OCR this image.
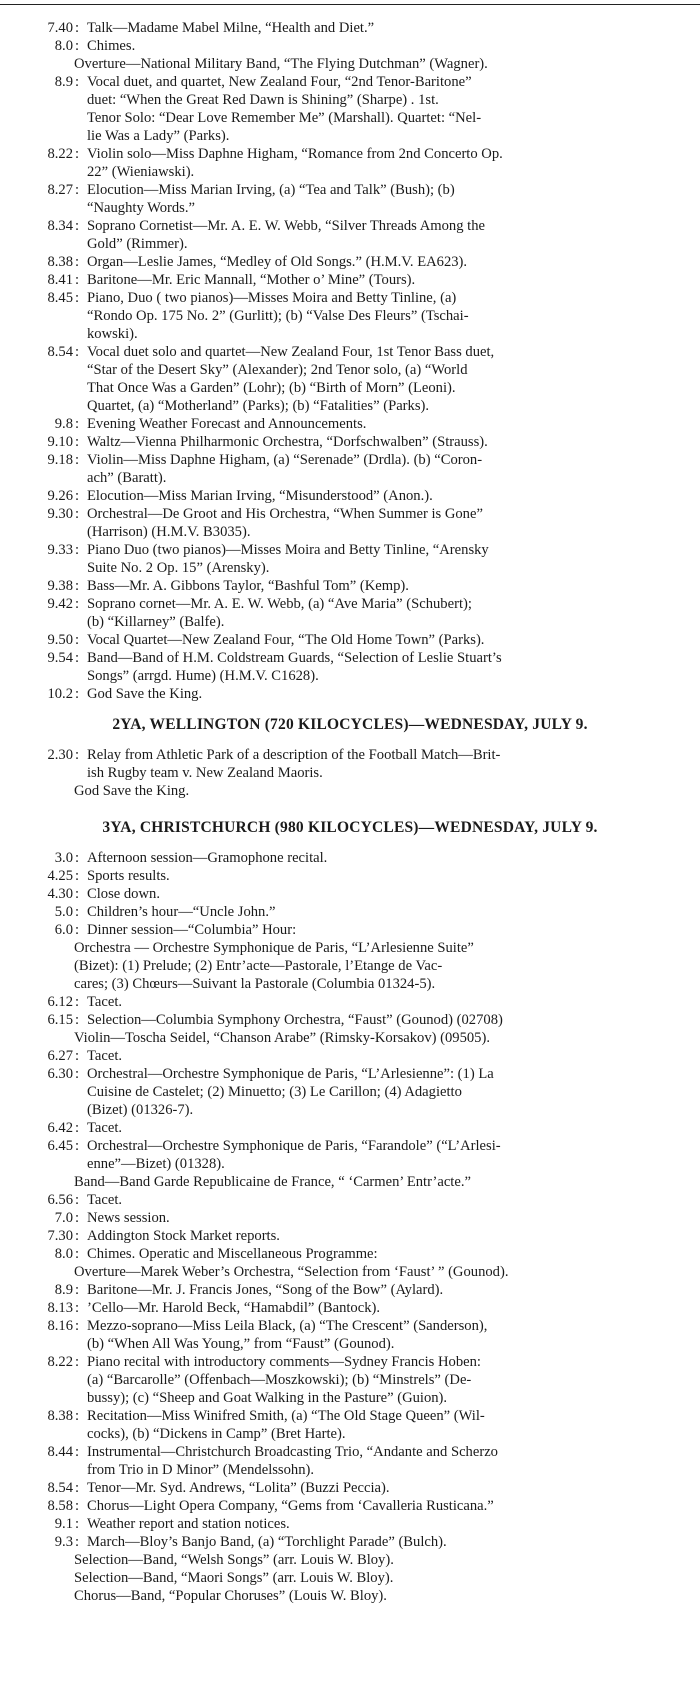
7.40 : Talk—Madame Mabel Milne, “Health and Diet.”
8.0 : Chimes.
Overture—National Military Band, “The Flying Dutchman” (Wagner).
8.9 : Vocal duet, and quartet, New Zealand Four, “2nd Tenor-Baritone”
duet: “When the Great Red Dawn is Shining” (Sharpe) . 1st.
Tenor Solo: “Dear Love Remember Me” (Marshall). Quartet: “Nel-
lie Was a Lady” (Parks).
8.22 : Violin solo—Miss Daphne Higham, “Romance from 2nd Concerto Op.
22” (Wieniawski).
8.27 : Elocution—Miss Marian Irving, (a) “Tea and Talk” (Bush); (b)
“Naughty Words.”
8.34 : Soprano Cornetist—Mr. A. E. W. Webb, “Silver Threads Among the
Gold” (Rimmer).
8.38 : Organ—Leslie James, “Medley of Old Songs.” (H.M.V. EA623).
8.41 : Baritone—Mr. Eric Mannall, “Mother o’ Mine” (Tours).
8.45 : Piano, Duo ( two pianos)—Misses Moira and Betty Tinline, (a)
“Rondo Op. 175 No. 2” (Gurlitt); (b) “Valse Des Fleurs” (Tschai-
kowski).
8.54 : Vocal duet solo and quartet—New Zealand Four, 1st Tenor Bass duet,
“Star of the Desert Sky” (Alexander); 2nd Tenor solo, (a) “World
That Once Was a Garden” (Lohr); (b) “Birth of Morn” (Leoni).
Quartet, (a) “Motherland” (Parks); (b) “Fatalities” (Parks).
9.8 : Evening Weather Forecast and Announcements.
9.10 : Waltz—Vienna Philharmonic Orchestra, “Dorfschwalben” (Strauss).
9.18 : Violin—Miss Daphne Higham, (a) “Serenade” (Drdla). (b) “Coron-
ach” (Baratt).
9.26 : Elocution—Miss Marian Irving, “Misunderstood” (Anon.).
9.30 : Orchestral—De Groot and His Orchestra, “When Summer is Gone”
(Harrison) (H.M.V. B3035).
9.33 : Piano Duo (two pianos)—Misses Moira and Betty Tinline, “Arensky
Suite No. 2 Op. 15” (Arensky).
9.38 : Bass—Mr. A. Gibbons Taylor, “Bashful Tom” (Kemp).
9.42 : Soprano cornet—Mr. A. E. W. Webb, (a) “Ave Maria” (Schubert);
(b) “Killarney” (Balfe).
9.50 : Vocal Quartet—New Zealand Four, “The Old Home Town” (Parks).
9.54 : Band—Band of H.M. Coldstream Guards, “Selection of Leslie Stuart’s
Songs” (arrgd. Hume) (H.M.V. C1628).
10.2 : God Save the King.
2YA, WELLINGTON (720 KILOCYCLES)—WEDNESDAY, JULY 9.
2.30 : Relay from Athletic Park of a description of the Football Match—Brit-
ish Rugby team v. New Zealand Maoris.
God Save the King.
3YA, CHRISTCHURCH (980 KILOCYCLES)—WEDNESDAY, JULY 9.
3.0 : Afternoon session—Gramophone recital.
4.25 : Sports results.
4.30 : Close down.
5.0 : Children’s hour—“Uncle John.”
6.0 : Dinner session—“Columbia” Hour:
Orchestra — Orchestre Symphonique de Paris, “L’Arlesienne Suite”
(Bizet): (1) Prelude; (2) Entr’acte—Pastorale, l’Etange de Vac-
cares; (3) Chœurs—Suivant la Pastorale (Columbia 01324-5).
6.12 : Tacet.
6.15 : Selection—Columbia Symphony Orchestra, “Faust” (Gounod) (02708)
Violin—Toscha Seidel, “Chanson Arabe” (Rimsky-Korsakov) (09505).
6.27 : Tacet.
6.30 : Orchestral—Orchestre Symphonique de Paris, “L’Arlesienne”: (1) La
Cuisine de Castelet; (2) Minuetto; (3) Le Carillon; (4) Adagietto
(Bizet) (01326-7).
6.42 : Tacet.
6.45 : Orchestral—Orchestre Symphonique de Paris, “Farandole” (“L’Arlesi-
enne”—Bizet) (01328).
Band—Band Garde Republicaine de France, “ ‘Carmen’ Entr’acte.”
6.56 : Tacet.
7.0 : News session.
7.30 : Addington Stock Market reports.
8.0 : Chimes. Operatic and Miscellaneous Programme:
Overture—Marek Weber’s Orchestra, “Selection from ‘Faust’ ” (Gounod).
8.9 : Baritone—Mr. J. Francis Jones, “Song of the Bow” (Aylard).
8.13 : ’Cello—Mr. Harold Beck, “Hamabdil” (Bantock).
8.16 : Mezzo-soprano—Miss Leila Black, (a) “The Crescent” (Sanderson),
(b) “When All Was Young,” from “Faust” (Gounod).
8.22 : Piano recital with introductory comments—Sydney Francis Hoben:
(a) “Barcarolle” (Offenbach—Moszkowski); (b) “Minstrels” (De-
bussy); (c) “Sheep and Goat Walking in the Pasture” (Guion).
8.38 : Recitation—Miss Winifred Smith, (a) “The Old Stage Queen” (Wil-
cocks), (b) “Dickens in Camp” (Bret Harte).
8.44 : Instrumental—Christchurch Broadcasting Trio, “Andante and Scherzo
from Trio in D Minor” (Mendelssohn).
8.54 : Tenor—Mr. Syd. Andrews, “Lolita” (Buzzi Peccia).
8.58 : Chorus—Light Opera Company, “Gems from ‘Cavalleria Rusticana.”
9.1 : Weather report and station notices.
9.3 : March—Bloy’s Banjo Band, (a) “Torchlight Parade” (Bulch).
Selection—Band, “Welsh Songs” (arr. Louis W. Bloy).
Selection—Band, “Maori Songs” (arr. Louis W. Bloy).
Chorus—Band, “Popular Choruses” (Louis W. Bloy).
